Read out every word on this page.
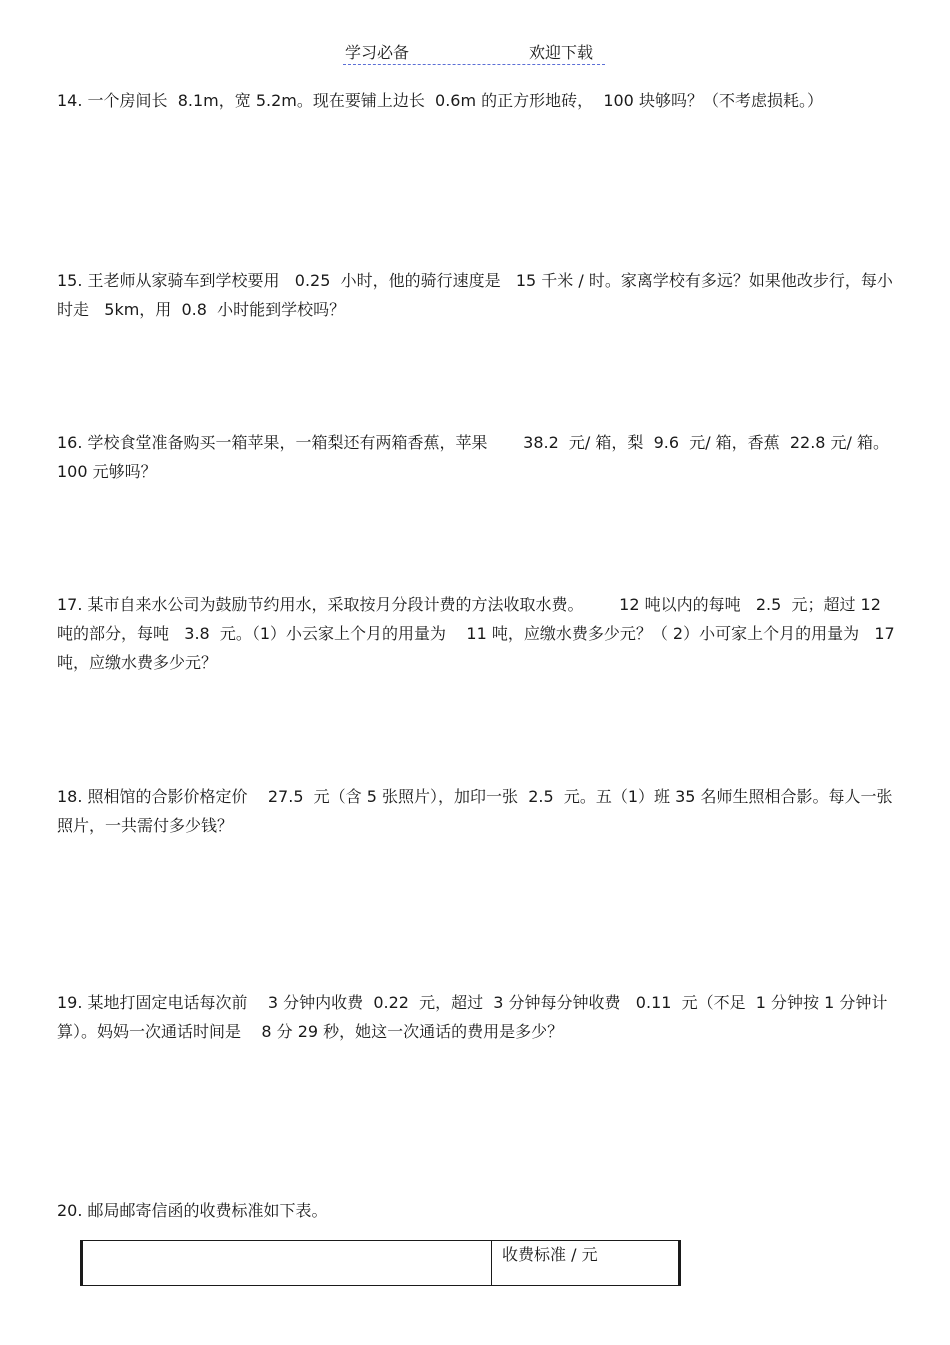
学习必备	欢迎下载
14. 一个房间长  8.1m，宽 5.2m。现在要铺上边长  0.6m 的正方形地砖，  100 块够吗？（不考虑损耗。）
15. 王老师从家骑车到学校要用   0.25  小时，他的骑行速度是   15 千米 / 时。家离学校有多远？如果他改步行，每小时走   5km，用  0.8  小时能到学校吗？
16. 学校食堂准备购买一箱苹果，一箱梨还有两箱香蕉，苹果       38.2  元/ 箱，梨  9.6  元/ 箱，香蕉  22.8 元/ 箱。100 元够吗？
17. 某市自来水公司为鼓励节约用水，采取按月分段计费的方法收取水费。       12 吨以内的每吨   2.5  元；超过 12 吨的部分，每吨   3.8  元。（1）小云家上个月的用量为    11 吨，应缴水费多少元？（ 2）小可家上个月的用量为   17 吨，应缴水费多少元？
18. 照相馆的合影价格定价    27.5  元（含 5 张照片），加印一张  2.5  元。五（1）班 35 名师生照相合影。每人一张照片，一共需付多少钱？
19. 某地打固定电话每次前    3 分钟内收费  0.22  元，超过  3 分钟每分钟收费   0.11  元（不足  1 分钟按 1 分钟计算）。妈妈一次通话时间是    8 分 29 秒，她这一次通话的费用是多少？
20. 邮局邮寄信函的收费标准如下表。
	收费标准 / 元
